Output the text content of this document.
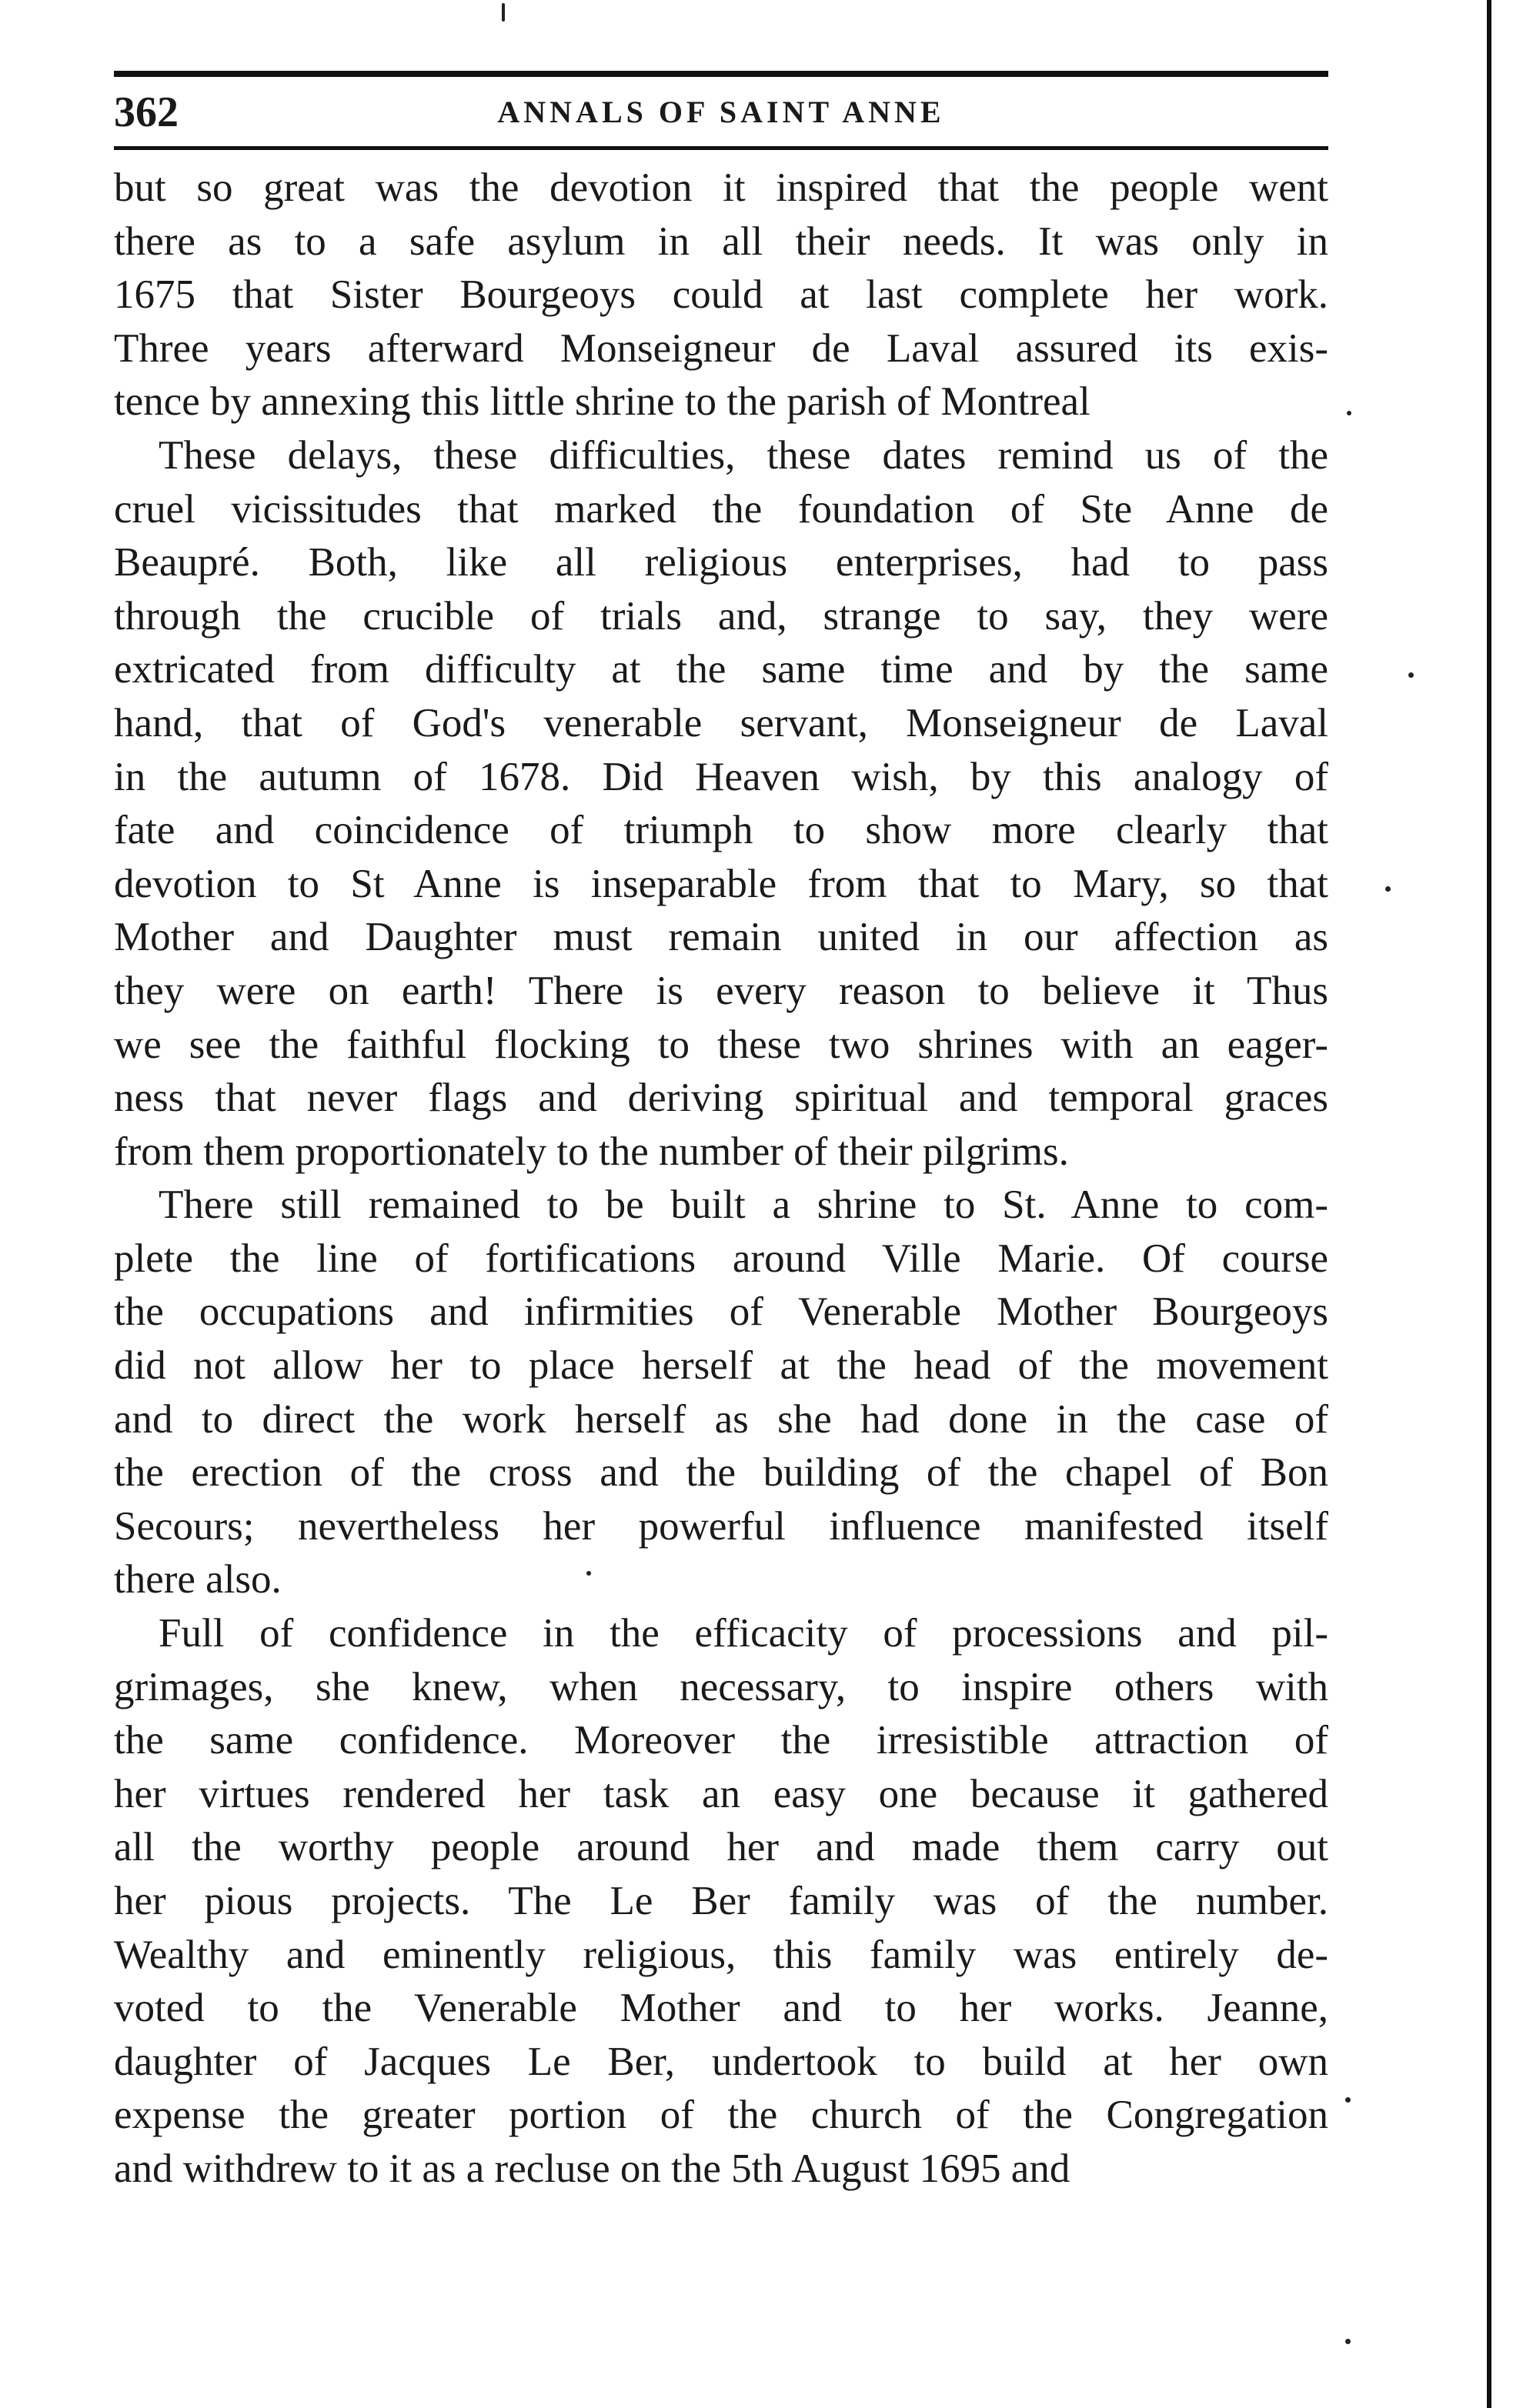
362	ANNALS OF SAINT ANNE
but so great was the devotion it inspired that the people went
there as to a safe asylum in all their needs. It was only in
1675 that Sister Bourgeoys could at last complete her work.
Three years afterward Monseigneur de Laval assured its exis-
tence by annexing this little shrine to the parish of Montreal
These delays, these difficulties, these dates remind us of the
cruel vicissitudes that marked the foundation of Ste Anne de
Beaupré. Both, like all religious enterprises, had to pass
through the crucible of trials and, strange to say, they were
extricated from difficulty at the same time and by the same
hand, that of God's venerable servant, Monseigneur de Laval
in the autumn of 1678. Did Heaven wish, by this analogy of
fate and coincidence of triumph to show more clearly that
devotion to St Anne is inseparable from that to Mary, so that
Mother and Daughter must remain united in our affection as
they were on earth! There is every reason to believe it Thus
we see the faithful flocking to these two shrines with an eager-
ness that never flags and deriving spiritual and temporal graces
from them proportionately to the number of their pilgrims.
There still remained to be built a shrine to St. Anne to com-
plete the line of fortifications around Ville Marie. Of course
the occupations and infirmities of Venerable Mother Bourgeoys
did not allow her to place herself at the head of the movement
and to direct the work herself as she had done in the case of
the erection of the cross and the building of the chapel of Bon
Secours; nevertheless her powerful influence manifested itself
there also.
Full of confidence in the efficacity of processions and pil-
grimages, she knew, when necessary, to inspire others with
the same confidence. Moreover the irresistible attraction of
her virtues rendered her task an easy one because it gathered
all the worthy people around her and made them carry out
her pious projects. The Le Ber family was of the number.
Wealthy and eminently religious, this family was entirely de-
voted to the Venerable Mother and to her works. Jeanne,
daughter of Jacques Le Ber, undertook to build at her own
expense the greater portion of the church of the Congregation
and withdrew to it as a recluse on the 5th August 1695 and
